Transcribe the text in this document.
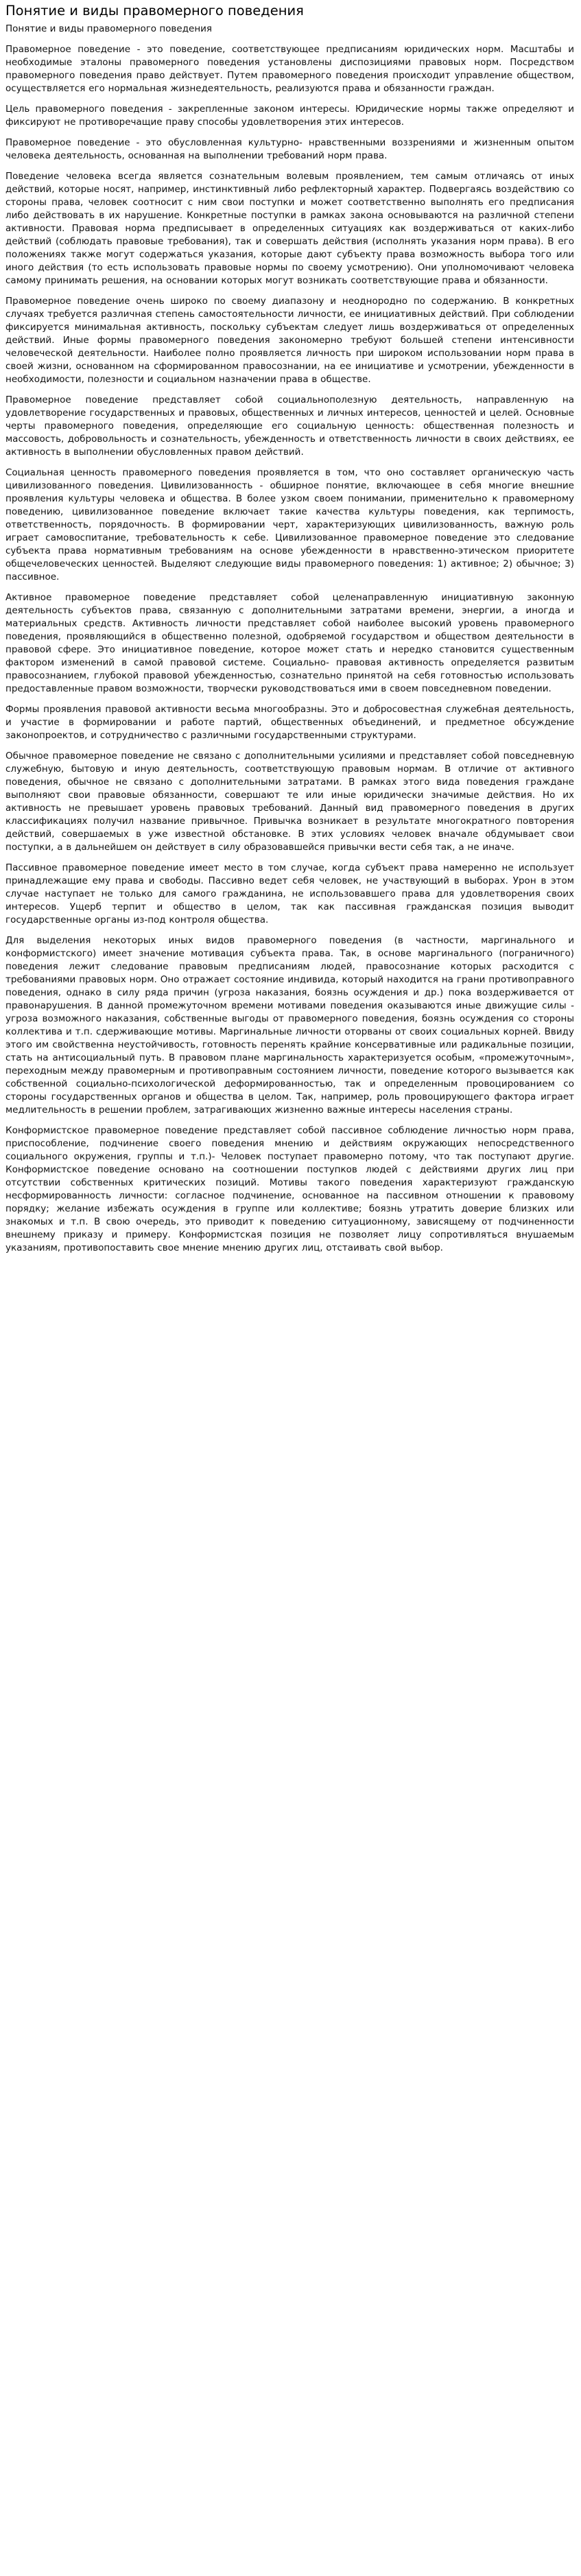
Понятие и виды правомерного поведения
Понятие и виды правомерного поведения

Правомерное поведение - это поведение, соответствующее предписаниям юридических норм. Масштабы и необходимые эталоны правомерного поведения установлены диспозициями правовых норм. Посредством правомерного поведения право действует. Путем правомерного поведения происходит управление обществом, осуществляется его нормальная жизнедеятельность, реализуются права и обязанности граждан.

Цель правомерного поведения - закрепленные законом интересы. Юридические нормы также определяют и фиксируют не противоречащие праву способы удовлетворения этих интересов.

Правомерное поведение - это обусловленная культурно- нравственными воззрениями и жизненным опытом человека деятельность, основанная на выполнении требований норм права.

Поведение человека всегда является сознательным волевым проявлением, тем самым отличаясь от иных действий, которые носят, например, инстинктивный либо рефлекторный характер. Подвергаясь воздействию со стороны права, человек соотносит с ним свои поступки и может соответственно выполнять его предписания либо действовать в их нарушение. Конкретные поступки в рамках закона основываются на различной степени активности. Правовая норма предписывает в определенных ситуациях как воздерживаться от каких-либо действий (соблюдать правовые требования), так и совершать действия (исполнять указания норм права). В его положениях также могут содержаться указания, которые дают субъекту права возможность выбора того или иного действия (то есть использовать правовые нормы по своему усмотрению). Они уполномочивают человека самому принимать решения, на основании которых могут возникать соответствующие права и обязанности.

Правомерное поведение очень широко по своему диапазону и неоднородно по содержанию. В конкретных случаях требуется различная степень самостоятельности личности, ее инициативных действий. При соблюдении фиксируется минимальная активность, поскольку субъектам следует лишь воздерживаться от определенных действий. Иные формы правомерного поведения закономерно требуют большей степени интенсивности человеческой деятельности. Наиболее полно проявляется личность при широком использовании норм права в своей жизни, основанном на сформированном правосознании, на ее инициативе и усмотрении, убежденности в необходимости, полезности и социальном назначении права в обществе.

Правомерное поведение представляет собой социальнополезную деятельность, направленную на удовлетворение государственных и правовых, общественных и личных интересов, ценностей и целей. Основные черты правомерного поведения, определяющие его социальную ценность: общественная полезность и массовость, добровольность и сознательность, убежденность и ответственность личности в своих действиях, ее активность в выполнении обусловленных правом действий.

Социальная ценность правомерного поведения проявляется в том, что оно составляет органическую часть цивилизованного поведения. Цивилизованность - обширное понятие, включающее в себя многие внешние проявления культуры человека и общества. В более узком своем понимании, применительно к правомерному поведению, цивилизованное поведение включает такие качества культуры поведения, как терпимость, ответственность, порядочность. В формировании черт, характеризующих цивилизованность, важную роль играет самовоспитание, требовательность к себе. Цивилизованное правомерное поведение это следование субъекта права нормативным требованиям на основе убежденности в нравственно-этическом приоритете общечеловеческих ценностей. Выделяют следующие виды правомерного поведения: 1) активное; 2) обычное; 3) пассивное.

Активное правомерное поведение представляет собой целенаправленную инициативную законную деятельность субъектов права, связанную с дополнительными затратами времени, энергии, а иногда и материальных средств. Активность личности представляет собой наиболее высокий уровень правомерного поведения, проявляющийся в общественно полезной, одобряемой государством и обществом деятельности в правовой сфере. Это инициативное поведение, которое может стать и нередко становится существенным фактором изменений в самой правовой системе. Социально- правовая активность определяется развитым правосознанием, глубокой правовой убежденностью, сознательно принятой на себя готовностью использовать предоставленные правом возможности, творчески руководствоваться ими в своем повседневном поведении.

Формы проявления правовой активности весьма многообразны. Это и добросовестная служебная деятельность, и участие в формировании и работе партий, общественных объединений, и предметное обсуждение законопроектов, и сотрудничество с различными государственными структурами.

Обычное правомерное поведение не связано с дополнительными усилиями и представляет собой повседневную служебную, бытовую и иную деятельность, соответствующую правовым нормам. В отличие от активного поведения, обычное не связано с дополнительными затратами. В рамках этого вида поведения граждане выполняют свои правовые обязанности, совершают те или иные юридически значимые действия. Но их активность не превышает уровень правовых требований. Данный вид правомерного поведения в других классификациях получил название привычное. Привычка возникает в результате многократного повторения действий, совершаемых в уже известной обстановке. В этих условиях человек вначале обдумывает свои поступки, а в дальнейшем он действует в силу образовавшейся привычки вести себя так, а не иначе.

Пассивное правомерное поведение имеет место в том случае, когда субъект права намеренно не использует принадлежащие ему права и свободы. Пассивно ведет себя человек, не участвующий в выборах. Урон в этом случае наступает не только для самого гражданина, не использовавшего права для удовлетворения своих интересов. Ущерб терпит и общество в целом, так как пассивная гражданская позиция выводит государственные органы из-под контроля общества.

Для выделения некоторых иных видов правомерного поведения (в частности, маргинального и конформистского) имеет значение мотивация субъекта права. Так, в основе маргинального (пограничного) поведения лежит следование правовым предписаниям людей, правосознание которых расходится с требованиями правовых норм. Оно отражает состояние индивида, который находится на грани противоправного поведения, однако в силу ряда причин (угроза наказания, боязнь осуждения и др.) пока воздерживается от правонарушения. В данной промежуточном времени мотивами поведения оказываются иные движущие силы - угроза возможного наказания, собственные выгоды от правомерного поведения, боязнь осуждения со стороны коллектива и т.п. сдерживающие мотивы. Маргинальные личности оторваны от своих социальных корней. Ввиду этого им свойственна неустойчивость, готовность перенять крайние консервативные или радикальные позиции, стать на антисоциальный путь. В правовом плане маргинальность характеризуется особым, «промежуточным», переходным между правомерным и противоправным состоянием личности, поведение которого вызывается как собственной социально-психологической деформированностью, так и определенным провоцированием со стороны государственных органов и общества в целом. Так, например, роль провоцирующего фактора играет медлительность в решении проблем, затрагивающих жизненно важные интересы населения страны.

Конформистское правомерное поведение представляет собой пассивное соблюдение личностью норм права, приспособление, подчинение своего поведения мнению и действиям окружающих непосредственного социального окружения, группы и т.п.)- Человек поступает правомерно потому, что так поступают другие. Конформистское поведение основано на соотношении поступков людей с действиями других лиц при отсутствии собственных критических позиций. Мотивы такого поведения характеризуют гражданскую несформированность личности: согласное подчинение, основанное на пассивном отношении к правовому порядку; желание избежать осуждения в группе или коллективе; боязнь утратить доверие близких или знакомых и т.п. В свою очередь, это приводит к поведению ситуационному, зависящему от подчиненности внешнему приказу и примеру. Конформистская позиция не позволяет лицу сопротивляться внушаемым указаниям, противопоставить свое мнение мнению других лиц, отстаивать свой выбор.
